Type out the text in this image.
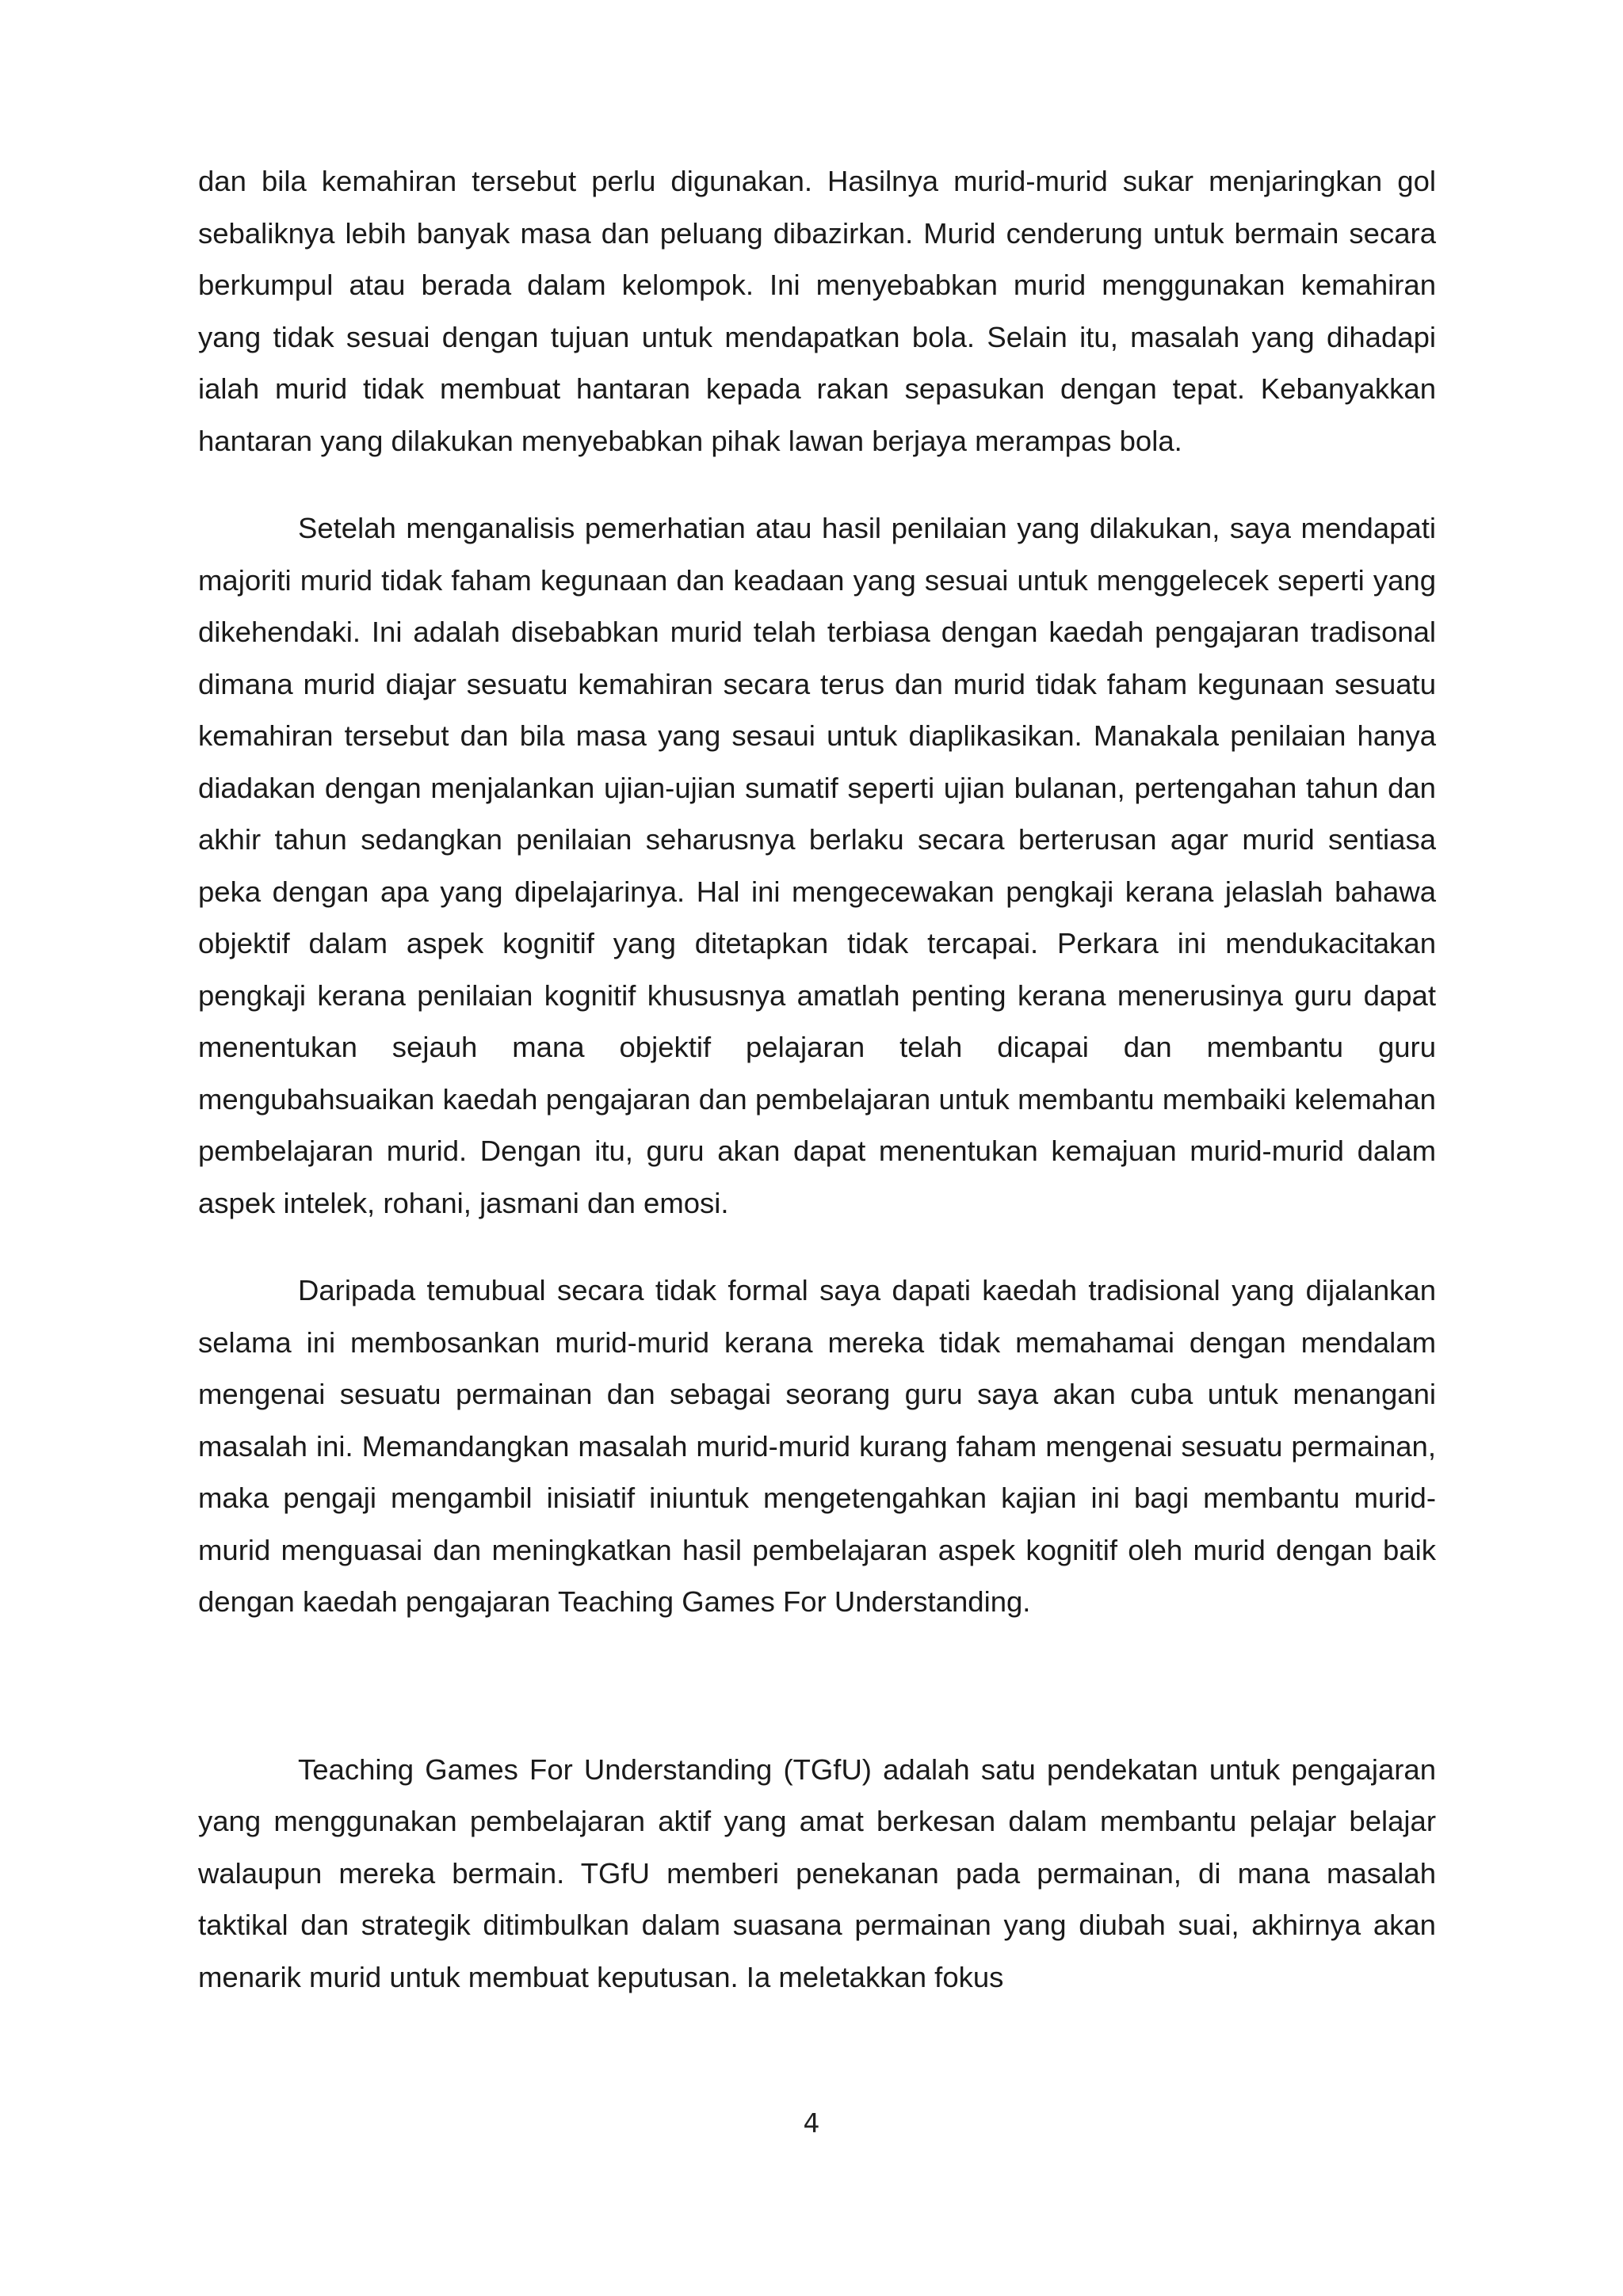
dan bila kemahiran tersebut perlu digunakan. Hasilnya murid-murid sukar menjaringkan gol sebaliknya lebih banyak masa dan peluang dibazirkan. Murid cenderung untuk bermain secara berkumpul atau berada dalam kelompok. Ini menyebabkan murid menggunakan kemahiran yang tidak sesuai dengan tujuan untuk mendapatkan bola. Selain itu, masalah yang dihadapi ialah murid tidak membuat hantaran kepada rakan sepasukan dengan tepat. Kebanyakkan hantaran yang dilakukan menyebabkan pihak lawan berjaya merampas bola.

Setelah menganalisis pemerhatian atau hasil penilaian yang dilakukan, saya mendapati majoriti murid tidak faham kegunaan dan keadaan yang sesuai untuk menggelecek seperti yang dikehendaki. Ini adalah disebabkan murid telah terbiasa dengan kaedah pengajaran tradisonal dimana murid diajar sesuatu kemahiran secara terus dan murid tidak faham kegunaan sesuatu kemahiran tersebut dan bila masa yang sesaui untuk diaplikasikan. Manakala penilaian hanya diadakan dengan menjalankan ujian-ujian sumatif seperti ujian bulanan, pertengahan tahun dan akhir tahun sedangkan penilaian seharusnya berlaku secara berterusan agar murid sentiasa peka dengan apa yang dipelajarinya. Hal ini mengecewakan pengkaji kerana jelaslah bahawa objektif dalam aspek kognitif yang ditetapkan tidak tercapai. Perkara ini mendukacitakan pengkaji kerana penilaian kognitif khususnya amatlah penting kerana menerusinya guru dapat menentukan sejauh mana objektif pelajaran telah dicapai dan membantu guru mengubahsuaikan kaedah pengajaran dan pembelajaran untuk membantu membaiki kelemahan pembelajaran murid. Dengan itu, guru akan dapat menentukan kemajuan murid-murid dalam aspek intelek, rohani, jasmani dan emosi.

Daripada temubual secara tidak formal saya dapati kaedah tradisional yang dijalankan selama ini membosankan murid-murid kerana mereka tidak memahamai dengan mendalam mengenai sesuatu permainan dan sebagai seorang guru saya akan cuba untuk menangani masalah ini. Memandangkan masalah murid-murid kurang faham mengenai sesuatu permainan, maka pengaji mengambil inisiatif iniuntuk mengetengahkan kajian ini bagi membantu murid-murid menguasai dan meningkatkan hasil pembelajaran aspek kognitif oleh murid dengan baik dengan kaedah pengajaran Teaching Games For Understanding.

Teaching Games For Understanding (TGfU) adalah satu pendekatan untuk pengajaran yang menggunakan pembelajaran aktif yang amat berkesan dalam membantu pelajar belajar walaupun mereka bermain. TGfU memberi penekanan pada permainan, di mana masalah taktikal dan strategik ditimbulkan dalam suasana permainan yang diubah suai, akhirnya akan menarik murid untuk membuat keputusan. Ia meletakkan fokus

4
